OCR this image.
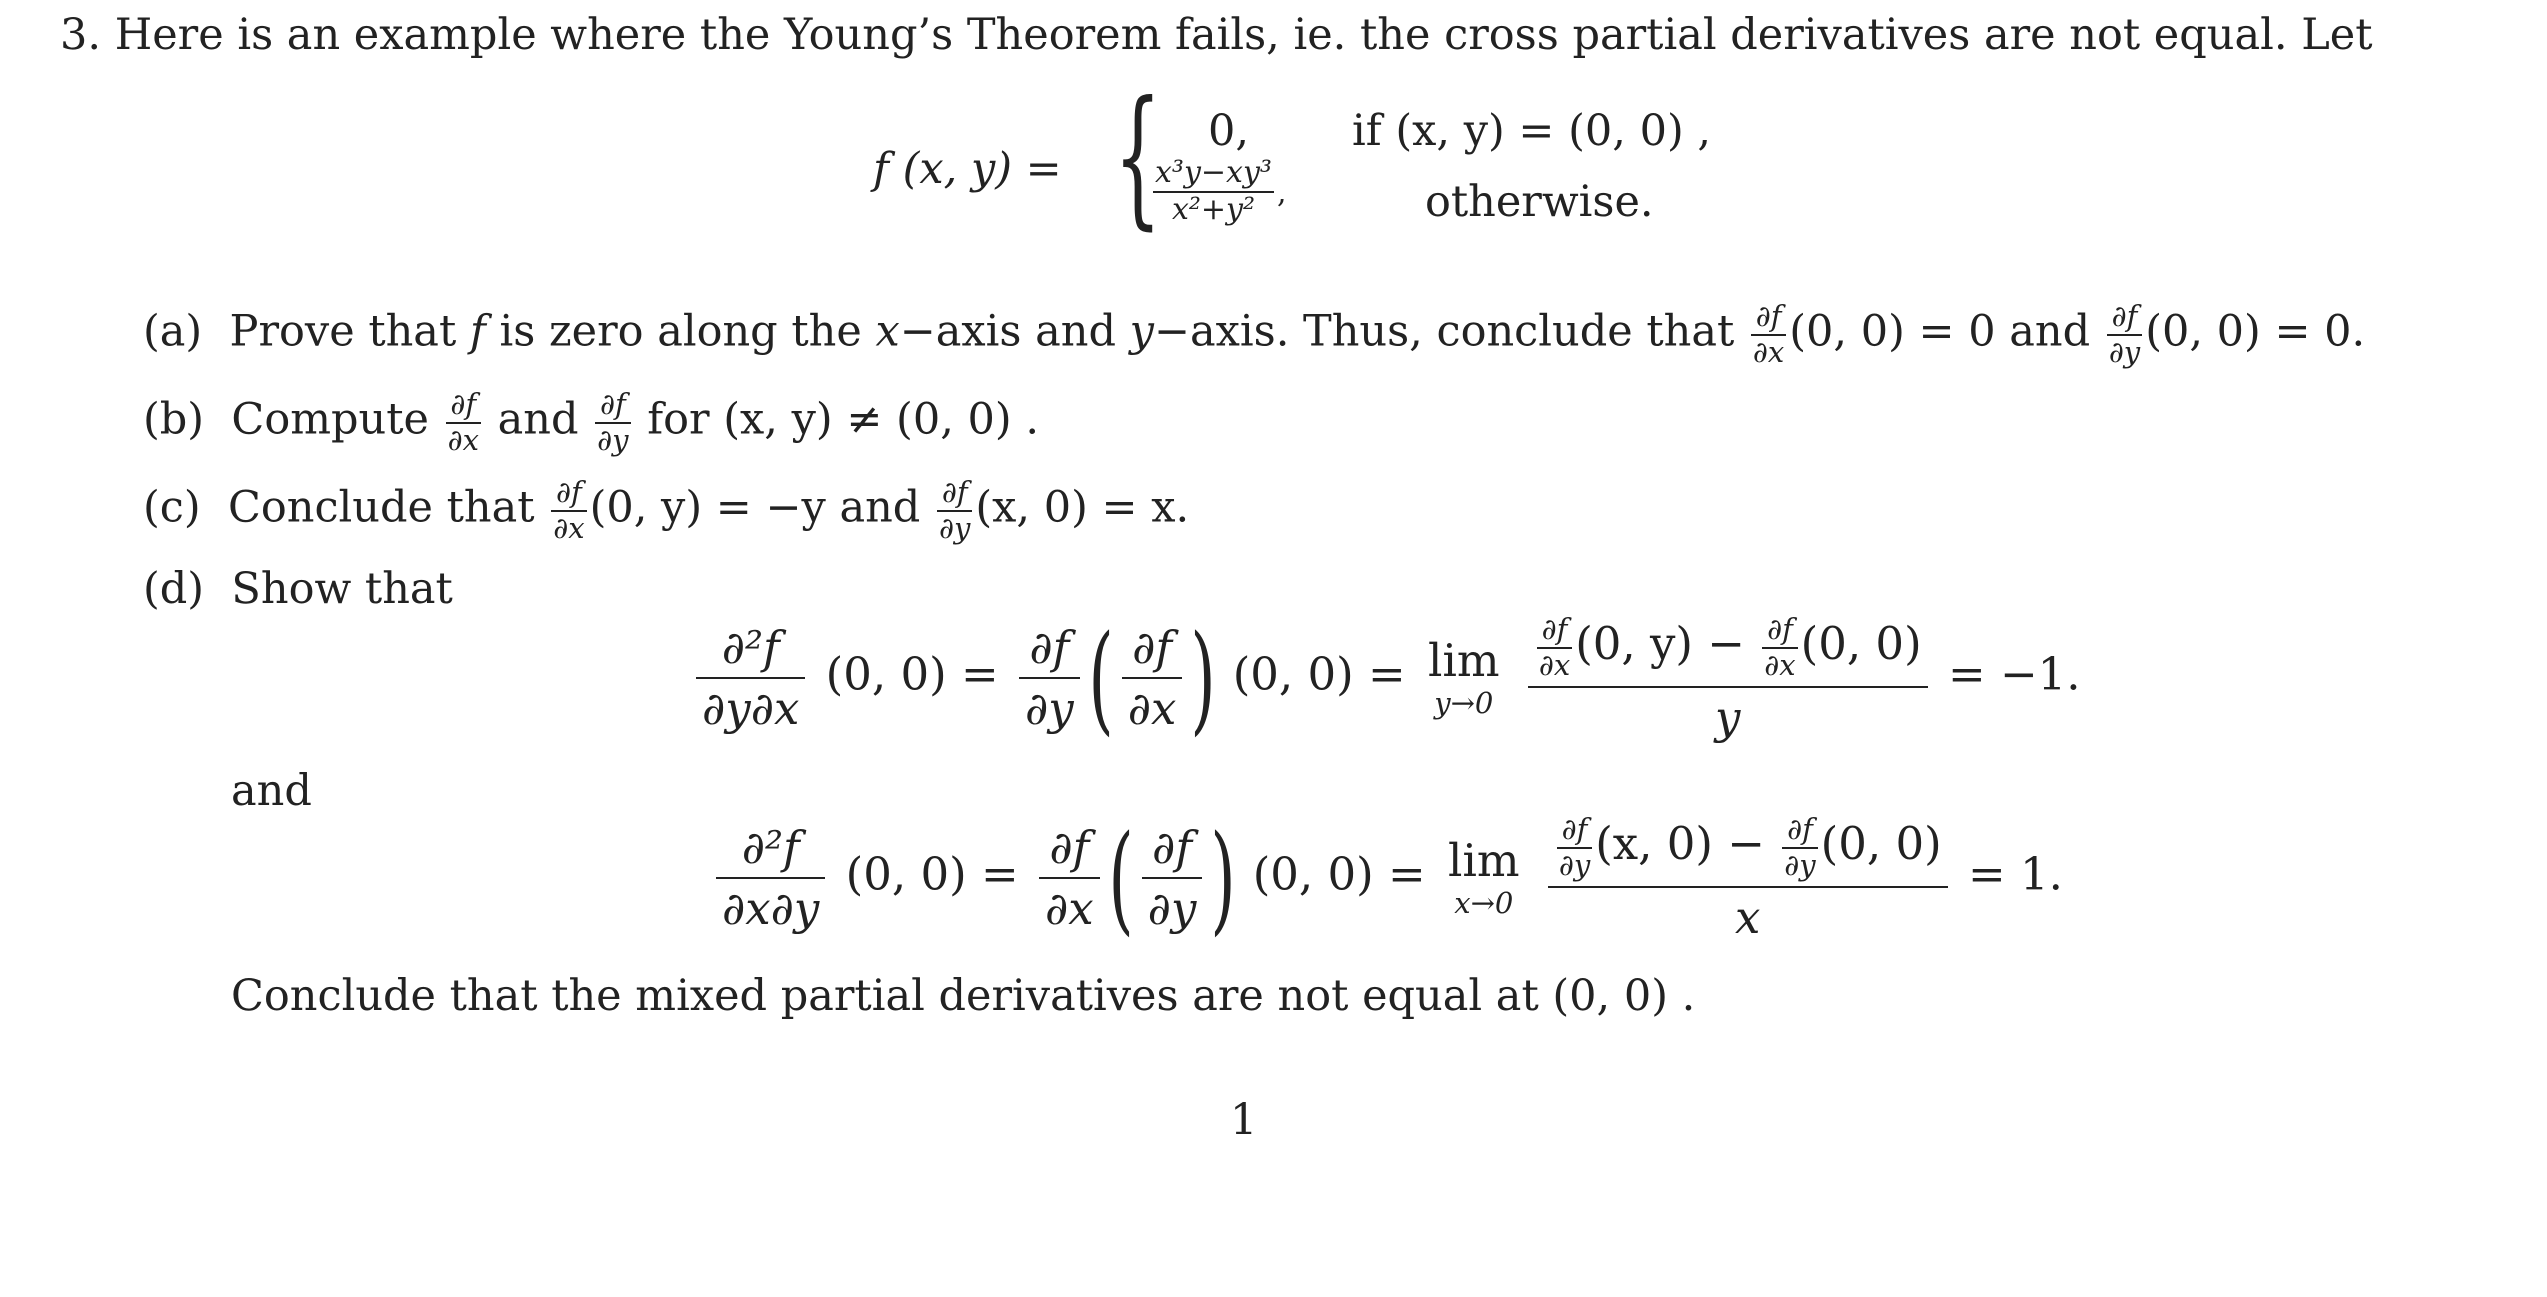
3. Here is an example where the Young’s Theorem fails, ie. the cross partial derivatives are not equal. Let
f (x, y) = { 0, if (x, y) = (0, 0) ,
$\frac{\text{x³y−xy³}}{\text{x²+y²}}$ ,	otherwise.
(a) Prove that f is zero along the x−axis and y−axis. Thus, conclude that $\frac{\partial f}{\partial x} (0$, 0) = 0 and $\frac{\partial f}{\partial y} (0$, 0) = 0.
(b) Compute $\frac{\partial f}{\partial x}$ and $\frac{\partial f}{\partial y}$ for (x, y) ≠ (0, 0) .
(c) Conclude that $\frac{\partial f}{\partial x} (0$, y) = −y and $\frac{\partial f}{\partial y} (x$, 0) = x.
(d) Show that
$\frac{\text{∂²f}}{\partial y\partial x} (0$, $0) = \frac{\partial f}{\partial y}$ ( $\frac{\partial f}{\partial x}$ ) (0, 0) = lim
y→0
$\frac{\frac{\partial f}{\partial x} (0, y) - \frac{\partial f}{\partial x} (0, 0)}{y} = -1$.
and
$\frac{\text{∂²f}}{\partial x\partial y} (0$, $0) = \frac{\partial f}{\partial x}$ ( $\frac{\partial f}{\partial y}$ ) (0, 0) = lim
x→0
$\frac{\frac{\partial f}{\partial y} (x, 0) - \frac{\partial f}{\partial y} (0, 0)}{x} = 1$.
Conclude that the mixed partial derivatives are not equal at (0, 0) .
1
